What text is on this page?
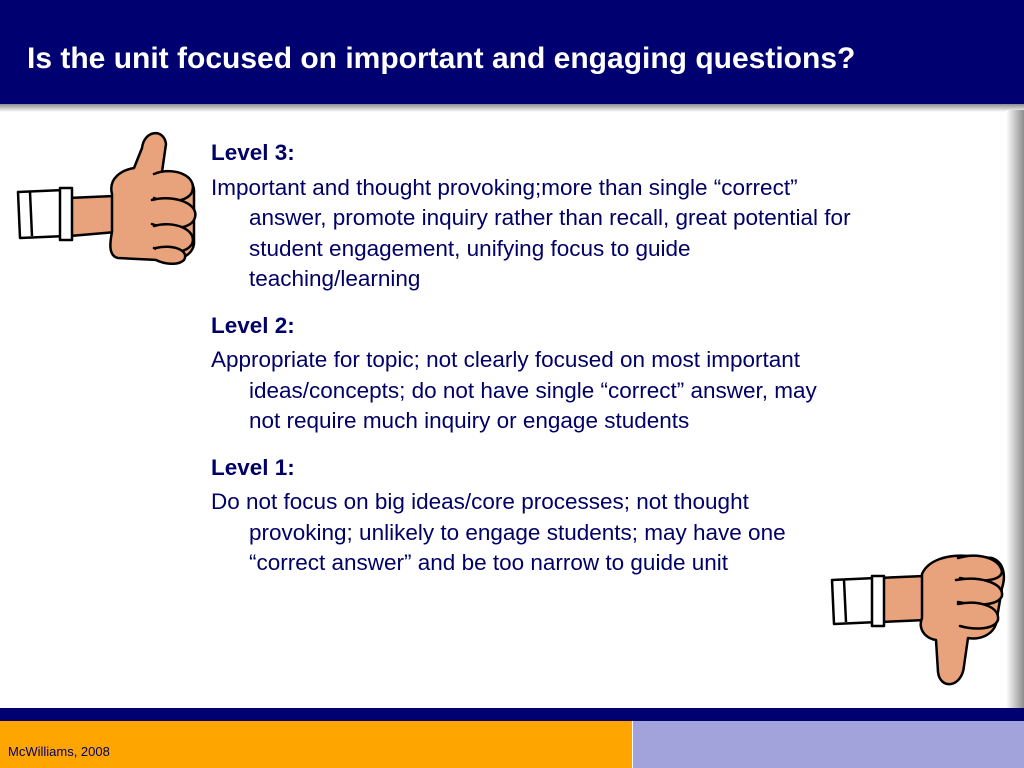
Is the unit focused on important and engaging questions?

Level 3:

Important and thought provoking;more than single “correct” answer, promote inquiry rather than recall, great potential for student engagement, unifying focus to guide teaching/learning

Level 2:

Appropriate for topic; not clearly focused on most important ideas/concepts; do not have single “correct” answer, may not require much inquiry or engage students

Level 1:

Do not focus on big ideas/core processes; not thought provoking; unlikely to engage students; may have one “correct answer” and be too narrow to guide unit

McWilliams, 2008
